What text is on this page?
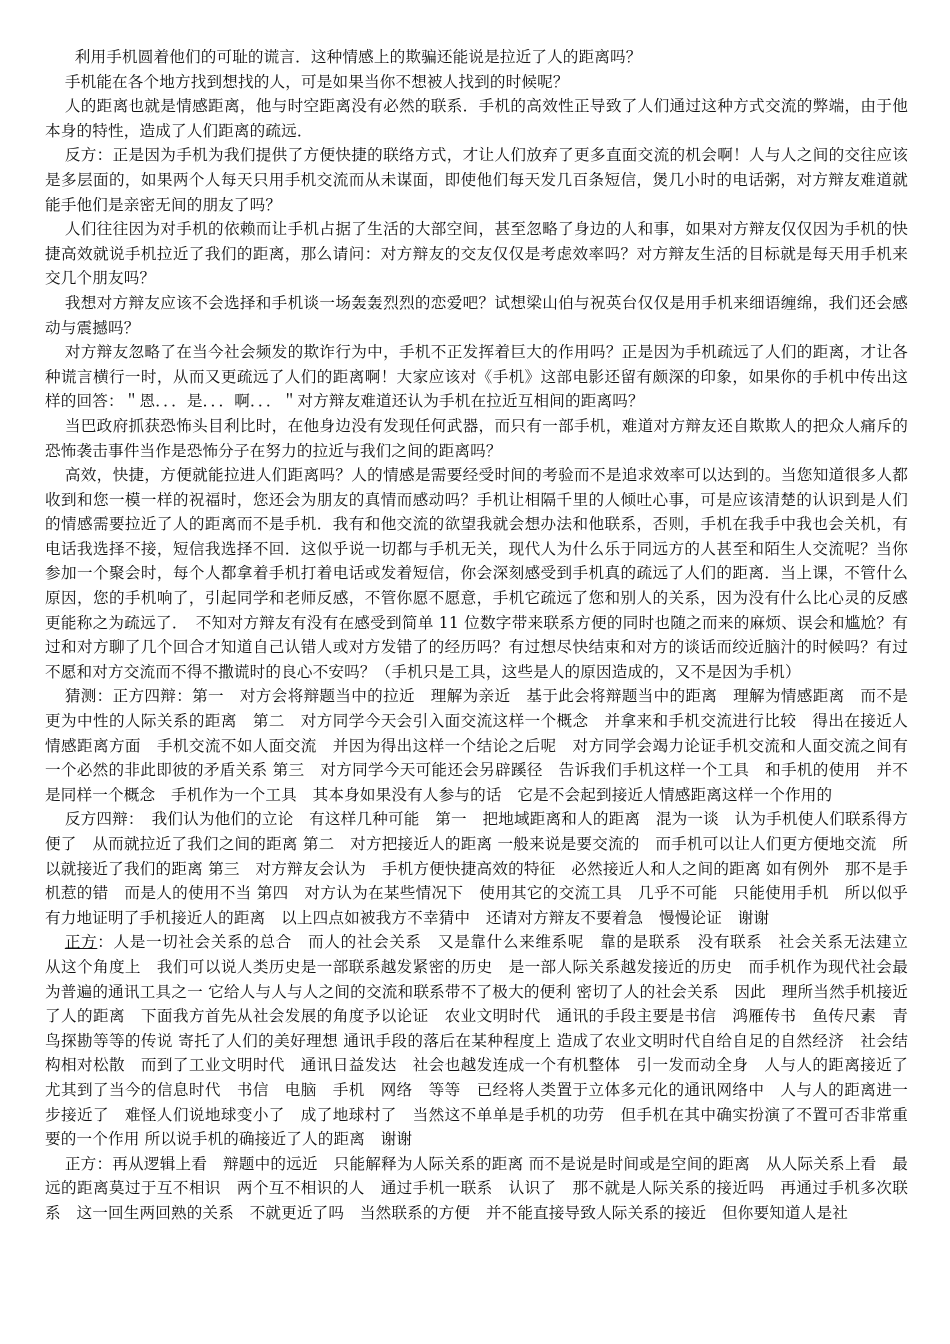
利用手机圆着他们的可耻的谎言．这种情感上的欺骗还能说是拉近了人的距离吗？

手机能在各个地方找到想找的人，可是如果当你不想被人找到的时候呢？

人的距离也就是情感距离，他与时空距离没有必然的联系．手机的高效性正导致了人们通过这种方式交流的弊端，由于他本身的特性，造成了人们距离的疏远．

反方：正是因为手机为我们提供了方便快捷的联络方式，才让人们放弃了更多直面交流的机会啊！人与人之间的交往应该是多层面的，如果两个人每天只用手机交流而从未谋面，即使他们每天发几百条短信，煲几小时的电话粥，对方辩友难道就能手他们是亲密无间的朋友了吗？

人们往往因为对手机的依赖而让手机占据了生活的大部空间，甚至忽略了身边的人和事，如果对方辩友仅仅因为手机的快捷高效就说手机拉近了我们的距离，那么请问：对方辩友的交友仅仅是考虑效率吗？对方辩友生活的目标就是每天用手机来交几个朋友吗？

我想对方辩友应该不会选择和手机谈一场轰轰烈烈的恋爱吧？试想梁山伯与祝英台仅仅是用手机来细语缠绵，我们还会感动与震撼吗？

对方辩友忽略了在当今社会频发的欺诈行为中，手机不正发挥着巨大的作用吗？正是因为手机疏远了人们的距离，才让各种谎言横行一时，从而又更疏远了人们的距离啊！大家应该对《手机》这部电影还留有颇深的印象，如果你的手机中传出这样的回答：＂恩．．．是．．．啊．．．＂对方辩友难道还认为手机在拉近互相间的距离吗？

当巴政府抓获恐怖头目利比时，在他身边没有发现任何武器，而只有一部手机，难道对方辩友还自欺欺人的把众人痛斥的恐怖袭击事件当作是恐怖分子在努力的拉近与我们之间的距离吗？

高效，快捷，方便就能拉进人们距离吗？人的情感是需要经受时间的考验而不是追求效率可以达到的。当您知道很多人都收到和您一模一样的祝福时，您还会为朋友的真情而感动吗？手机让相隔千里的人倾吐心事，可是应该清楚的认识到是人们的情感需要拉近了人的距离而不是手机．我有和他交流的欲望我就会想办法和他联系，否则，手机在我手中我也会关机，有电话我选择不接，短信我选择不回．这似乎说一切都与手机无关，现代人为什么乐于同远方的人甚至和陌生人交流呢？当你参加一个聚会时，每个人都拿着手机打着电话或发着短信，你会深刻感受到手机真的疏远了人们的距离．当上课，不管什么原因，您的手机响了，引起同学和老师反感，不管你愿不愿意，手机它疏远了您和别人的关系，因为没有什么比心灵的反感更能称之为疏远了．　不知对方辩友有没有在感受到简单 11 位数字带来联系方便的同时也随之而来的麻烦、误会和尴尬？有过和对方聊了几个回合才知道自己认错人或对方发错了的经历吗？有过想尽快结束和对方的谈话而绞近脑汁的时候吗？有过不愿和对方交流而不得不撒谎时的良心不安吗？（手机只是工具，这些是人的原因造成的，又不是因为手机）

猜测：正方四辩：第一　对方会将辩题当中的拉近　理解为亲近　基于此会将辩题当中的距离　理解为情感距离　而不是更为中性的人际关系的距离　第二　对方同学今天会引入面交流这样一个概念　并拿来和手机交流进行比较　得出在接近人情感距离方面　手机交流不如人面交流　并因为得出这样一个结论之后呢　对方同学会竭力论证手机交流和人面交流之间有一个必然的非此即彼的矛盾关系 第三　对方同学今天可能还会另辟蹊径　告诉我们手机这样一个工具　和手机的使用　并不是同样一个概念　手机作为一个工具　其本身如果没有人参与的话　它是不会起到接近人情感距离这样一个作用的

反方四辩：　我们认为他们的立论　有这样几种可能　第一　把地域距离和人的距离　混为一谈　认为手机使人们联系得方便了　从而就拉近了我们之间的距离 第二　对方把接近人的距离 一般来说是要交流的　而手机可以让人们更方便地交流　所以就接近了我们的距离 第三　对方辩友会认为　手机方便快捷高效的特征　必然接近人和人之间的距离 如有例外　那不是手机惹的错　而是人的使用不当 第四　对方认为在某些情况下　使用其它的交流工具　几乎不可能　只能使用手机　所以似乎有力地证明了手机接近人的距离　以上四点如被我方不幸猜中　还请对方辩友不要着急　慢慢论证　谢谢

正方：人是一切社会关系的总合　而人的社会关系　又是靠什么来维系呢　靠的是联系　没有联系　社会关系无法建立　从这个角度上　我们可以说人类历史是一部联系越发紧密的历史　是一部人际关系越发接近的历史　而手机作为现代社会最为普遍的通讯工具之一 它给人与人与人之间的交流和联系带不了极大的便利 密切了人的社会关系　因此　理所当然手机接近了人的距离　下面我方首先从社会发展的角度予以论证　农业文明时代　通讯的手段主要是书信　鸿雁传书　鱼传尺素　青鸟探勘等等的传说 寄托了人们的美好理想 通讯手段的落后在某种程度上 造成了农业文明时代自给自足的自然经济　社会结构相对松散　而到了工业文明时代　通讯日益发达　社会也越发连成一个有机整体　引一发而动全身　人与人的距离接近了　尤其到了当今的信息时代　书信　电脑　手机　网络　等等　已经将人类置于立体多元化的通讯网络中　人与人的距离进一步接近了　难怪人们说地球变小了　成了地球村了　当然这不单单是手机的功劳　但手机在其中确实扮演了不置可否非常重要的一个作用 所以说手机的确接近了人的距离　谢谢

正方：再从逻辑上看　辩题中的远近　只能解释为人际关系的距离 而不是说是时间或是空间的距离　从人际关系上看　最远的距离莫过于互不相识　两个互不相识的人　通过手机一联系　认识了　那不就是人际关系的接近吗　再通过手机多次联系　这一回生两回熟的关系　不就更近了吗　当然联系的方便　并不能直接导致人际关系的接近　但你要知道人是社
